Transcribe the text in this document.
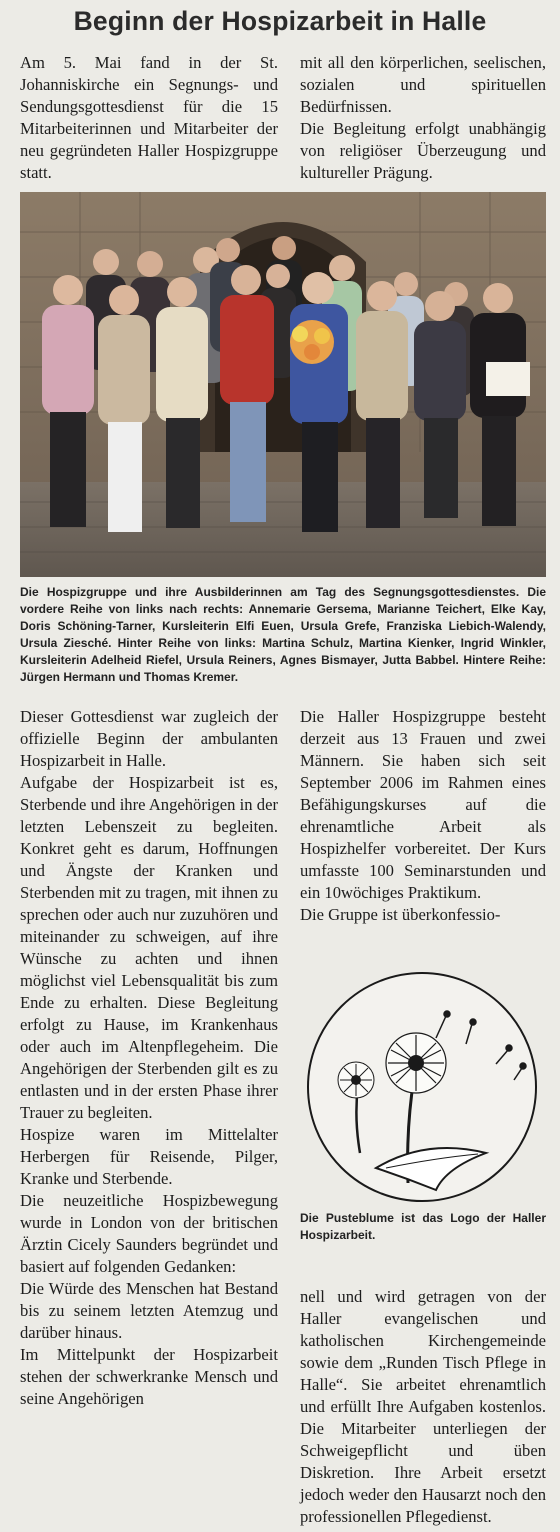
Beginn der Hospizarbeit in Halle

Am 5. Mai fand in der St. Johanniskirche ein Segnungs- und Sendungsgottesdienst für die 15 Mitarbeiterinnen und Mitarbeiter der neu gegründeten Haller Hospizgruppe statt.

mit all den körperlichen, seelischen, sozialen und spirituellen Bedürfnissen.

Die Begleitung erfolgt unabhängig von religiöser Überzeugung und kultureller Prägung.

Die Hospizgruppe und ihre Ausbilderinnen am Tag des Segnungsgottesdienstes. Die vordere Reihe von links nach rechts: Annemarie Gersema, Marianne Teichert, Elke Kay, Doris Schöning-Tarner, Kursleiterin Elfi Euen, Ursula Grefe, Franziska Liebich-Walendy, Ursula Ziesché. Hinter Reihe von links: Martina Schulz, Martina Kienker, Ingrid Winkler, Kursleiterin Adelheid Riefel, Ursula Reiners, Agnes Bismayer, Jutta Babbel. Hintere Reihe: Jürgen Hermann und Thomas Kremer.

Dieser Gottesdienst war zugleich der offizielle Beginn der ambulanten Hospizarbeit in Halle.

Aufgabe der Hospizarbeit ist es, Sterbende und ihre Angehörigen in der letzten Lebenszeit zu begleiten. Konkret geht es darum, Hoffnungen und Ängste der Kranken und Sterbenden mit zu tragen, mit ihnen zu sprechen oder auch nur zuzuhören und miteinander zu schweigen, auf ihre Wünsche zu achten und ihnen möglichst viel Lebensqualität bis zum Ende zu erhalten. Diese Begleitung erfolgt zu Hause, im Krankenhaus oder auch im Altenpflegeheim. Die Angehörigen der Sterbenden gilt es zu entlasten und in der ersten Phase ihrer Trauer zu begleiten.

Hospize waren im Mittelalter Herbergen für Reisende, Pilger, Kranke und Sterbende.

Die neuzeitliche Hospizbewegung wurde in London von der britischen Ärztin Cicely Saunders begründet und basiert auf folgenden Gedanken:

Die Würde des Menschen hat Bestand bis zu seinem letzten Atemzug und darüber hinaus.

Im Mittelpunkt der Hospizarbeit stehen der schwerkranke Mensch und seine Angehörigen

Die Haller Hospizgruppe besteht derzeit aus 13 Frauen und zwei Männern. Sie haben sich seit September 2006 im Rahmen eines Befähigungskurses auf die ehrenamtliche Arbeit als Hospizhelfer vorbereitet. Der Kurs umfasste 100 Seminarstunden und ein 10wöchiges Praktikum.

Die Gruppe ist überkonfessio-

Die Pusteblume ist das Logo der Haller Hospizarbeit.

nell und wird getragen von der Haller evangelischen und katholischen Kirchengemeinde sowie dem „Runden Tisch Pflege in Halle“. Sie arbeitet ehrenamtlich und erfüllt Ihre Aufgaben kostenlos. Die Mitarbeiter unterliegen der Schweigepflicht und üben Diskretion. Ihre Arbeit ersetzt jedoch weder den Hausarzt noch den professionellen Pflegedienst.
